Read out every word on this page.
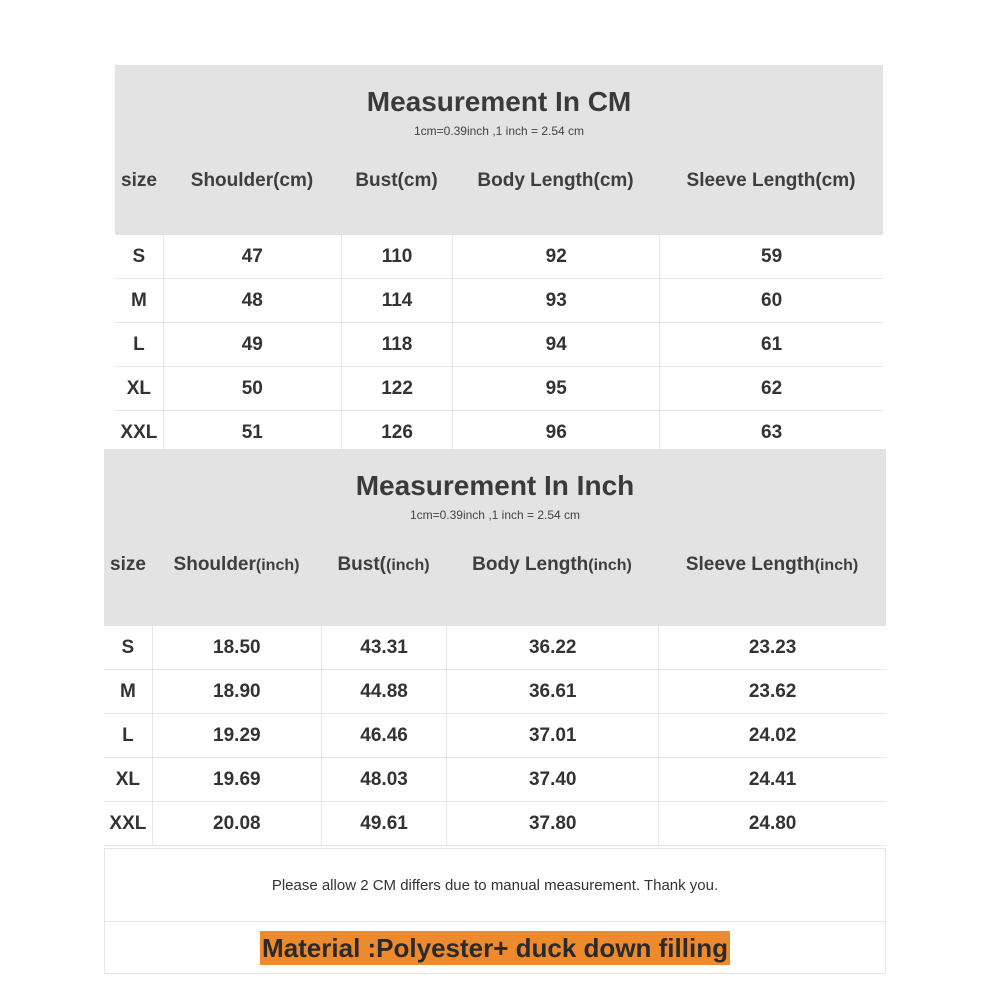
Measurement In CM
1cm=0.39inch ,1 inch = 2.54 cm
size	Shoulder(cm)	Bust(cm)	Body Length(cm)	Sleeve Length(cm)
S	47	110	92	59
M	48	114	93	60
L	49	118	94	61
XL	50	122	95	62
XXL	51	126	96	63
Measurement In Inch
1cm=0.39inch ,1 inch = 2.54 cm
size	Shoulder(inch)	Bust((inch)	Body Length(inch)	Sleeve Length(inch)
S	18.50	43.31	36.22	23.23
M	18.90	44.88	36.61	23.62
L	19.29	46.46	37.01	24.02
XL	19.69	48.03	37.40	24.41
XXL	20.08	49.61	37.80	24.80
Please allow 2 CM differs due to manual measurement. Thank you.
Material :Polyester+ duck down filling
